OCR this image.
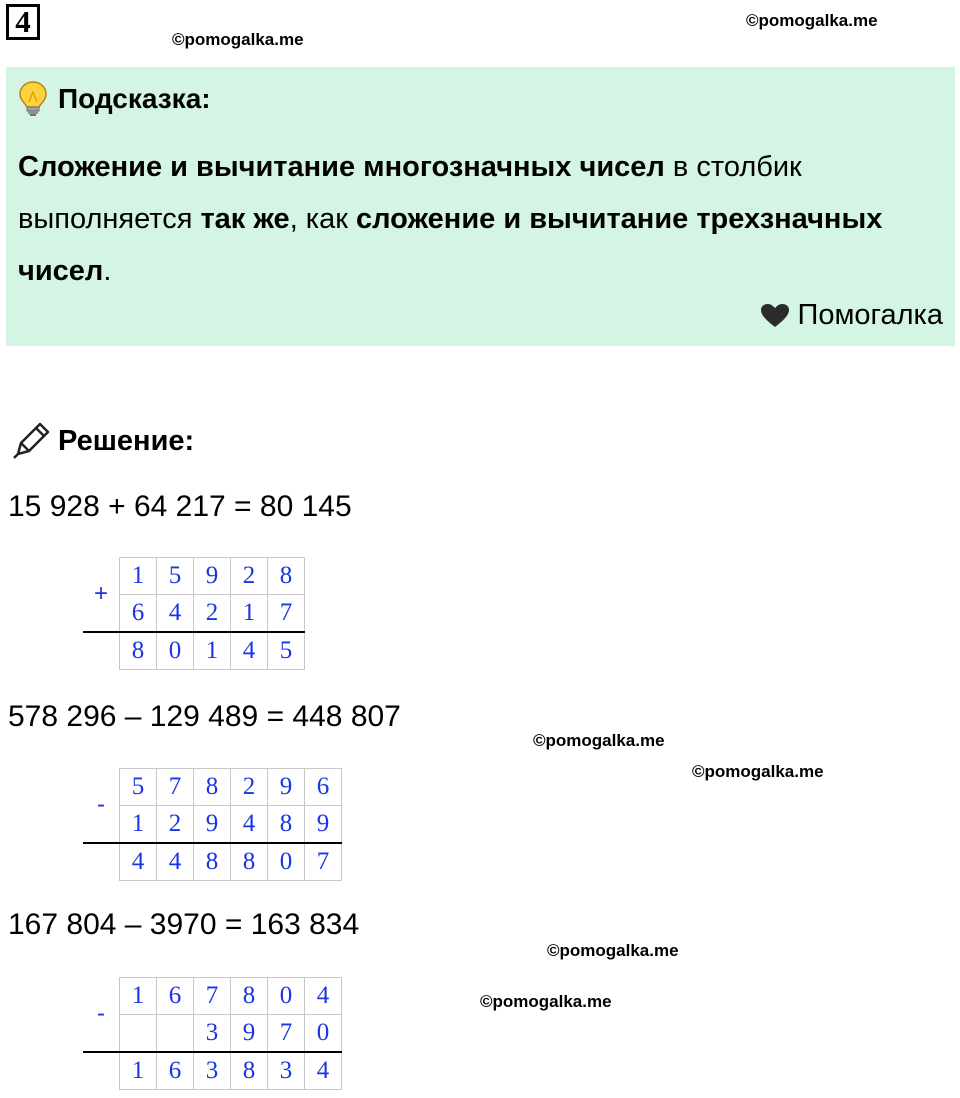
4
©pomogalka.me
©pomogalka.me
Подсказка:
Сложение и вычитание многозначных чисел в столбик выполняется так же, как сложение и вычитание трехзначных чисел.
Помогалка
Решение:
15 928 + 64 217 = 80 145
+	1	5	9	2	8
	6	4	2	1	7
	8	0	1	4	5
578 296 – 129 489 = 448 807
©pomogalka.me
©pomogalka.me
-	5	7	8	2	9	6
	1	2	9	4	8	9
	4	4	8	8	0	7
167 804 – 3970 = 163 834
©pomogalka.me
©pomogalka.me
-	1	6	7	8	0	4
			3	9	7	0
	1	6	3	8	3	4
